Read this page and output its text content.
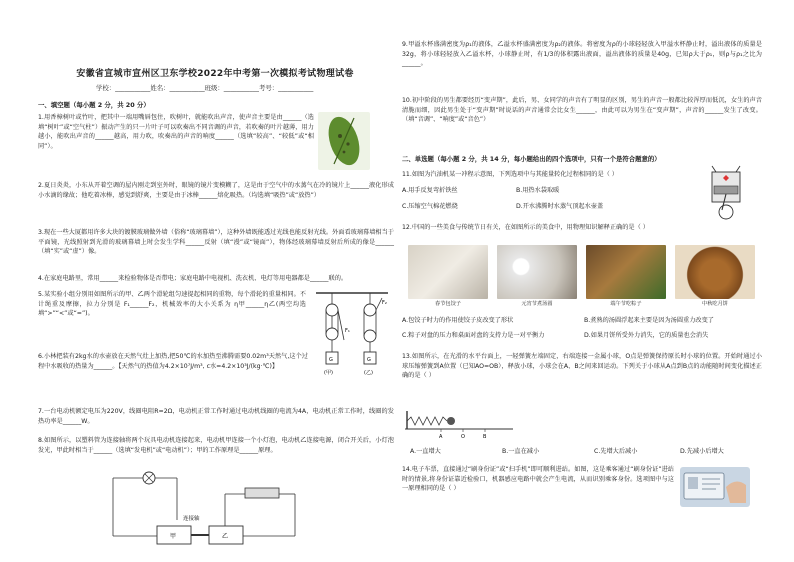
安徽省宣城市宣州区卫东学校2022年中考第一次模拟考试物理试卷
学校：___________姓名：___________班级：___________考号：___________
一、填空题（每小题 2 分，共 20 分）
1.用香樟树叶或竹叶，把其中一端用嘴唇包住，吹树叶，就能吹出声音，使声音主要是由______（选填“树叶”或“空气柱”）振动产生的只一片叶子可以吹奏出不同音调的声音，若吹奏的叶片越薄，用力越小，能吹出声音的______越高，用力吹，吹奏出的声音的响度______（选填“较高”、“较低”或“相同”）。
2.夏日炎炎，小东从开着空调的屋内刚走到室外时，眼镜的镜片变模糊了，这是由于空气中的水蒸气在冷的镜片上______液化形成小水滴的缘故；他吃着冰棒，感觉到舒爽，主要是由于冰棒______熔化吸热。（均选填“吸热”或“放热”）
3.现在一些大厦都用许多大块的镀膜玻璃做外墙（俗称“玻璃幕墙”），这种外墙既能透过光线也能反射光线。外面看玻璃幕墙相当于平面镜，光线照射到光滑的玻璃幕墙上时会发生学科______反射（填“漫”或“镜面”），物体经玻璃幕墙反射后所成的像是______（填“实”或“虚”）像。
4.在家庭电路里，常用______来检验物体是否带电；家庭电路中电视机、洗衣机、电灯等用电器都是______联的。
5.某实验小组分别用如图所示的甲、乙两个滑轮组匀速提起相同的重物，每个滑轮的重量相同。不计绳重及摩擦，拉力分别是 F₁______F₂，机械效率的大小关系为 η甲______η乙(两空均选填“>”“<”或“=”)。
F₁
F₂
G	G
(甲)	(乙)
6.小林把装有2kg水的水壶放在天然气灶上加热,把50℃的水加热至沸腾需要0.02m³天然气,这个过程中水吸收的热量为______。【天然气的热值为4.2×10⁷J/m³, c水=4.2×10³J/(kg·℃)】
7.一台电动机额定电压为220V，线圈电阻R=2Ω，电动机正常工作时通过电动机线圈的电流为4A，电动机正常工作时，线圈的发热功率是______W。
8.如图所示，以塑料管为连接轴将两个玩具电动机连接起来，电动机甲连接一个小灯泡，电动机乙连接电源，闭合开关后，小灯泡发光，甲此时相当于______（选填“发电机”或“电动机”）；甲的工作原理是______原理。
甲
连接轴
乙
9.甲溢水杯盛满密度为ρ₁的液体，乙溢水杯盛满密度为ρ₂的液体。将密度为ρ的小球轻轻放入甲溢水杯静止时，溢出液体的质量是32g，将小球轻轻放入乙溢水杯，小球静止时，有1/3的体积露出液面，溢出液体的质量是40g，已知ρ大于ρ₁，则ρ与ρ₁之比为______。
10.初中阶段的男生都要经历“变声期”，此后，男、女同学的声音有了明显的区别，男生的声音一般都比较浑厚而低沉，女生的声音清脆而细，因此男生处于“变声期”时说话的声音通常会比女生______，由此可以为男生在“变声期”，声音的______发生了改变。（填“音调”、“响度”或“音色”）
二、单选题（每小题 2 分，共 14 分，每小题给出的四个选项中，只有一个是符合题意的）
11.如图为汽油机某一冲程示意图，下列选项中与其能量转化过程相同的是（ ）
A.用手反复弯折铁丝	B.用热水袋取暖
C.压缩空气棉花燃烧	D.开水沸腾时水蒸气顶起水壶盖
12.中国的一些美食与传统节日有关，在如图所示的美食中，用物理知识解释正确的是（ ）
春节包饺子	元宵节煮汤圆	端午节吃粽子	中秋吃月饼
A.包饺子时力的作用使饺子皮改变了形状	B.煮熟的汤圆浮起来主要是因为汤圆重力改变了
C.粽子对盘的压力和桌面对盘的支持力是一对平衡力	D.如果月饼所受外力消失，它的质量也会消失
13.如图所示，在光滑的水平台面上，一轻弹簧左端固定，右端连接一金属小球，O点是弹簧保持原长时小球的位置。开始时通过小球压缩弹簧到A位置（已知AO=OB），释放小球，小球会在A、B之间来回运动。下列关于小球从A点到B点的动能随时间变化描述正确的是（ ）
A	O	B
A.一直增大	B.一直在减小	C.先增大后减小	D.先减小后增大
14.电子车票，直接通过“刷身份证”或“扫手机”即可顺利进站。如图，这是乘客通过“刷身份证”进站时的情景,将身份证靠近检验口，机器感应电路中就会产生电流，从而识别乘客身份。选项图中与这一原理相同的是（ ）
